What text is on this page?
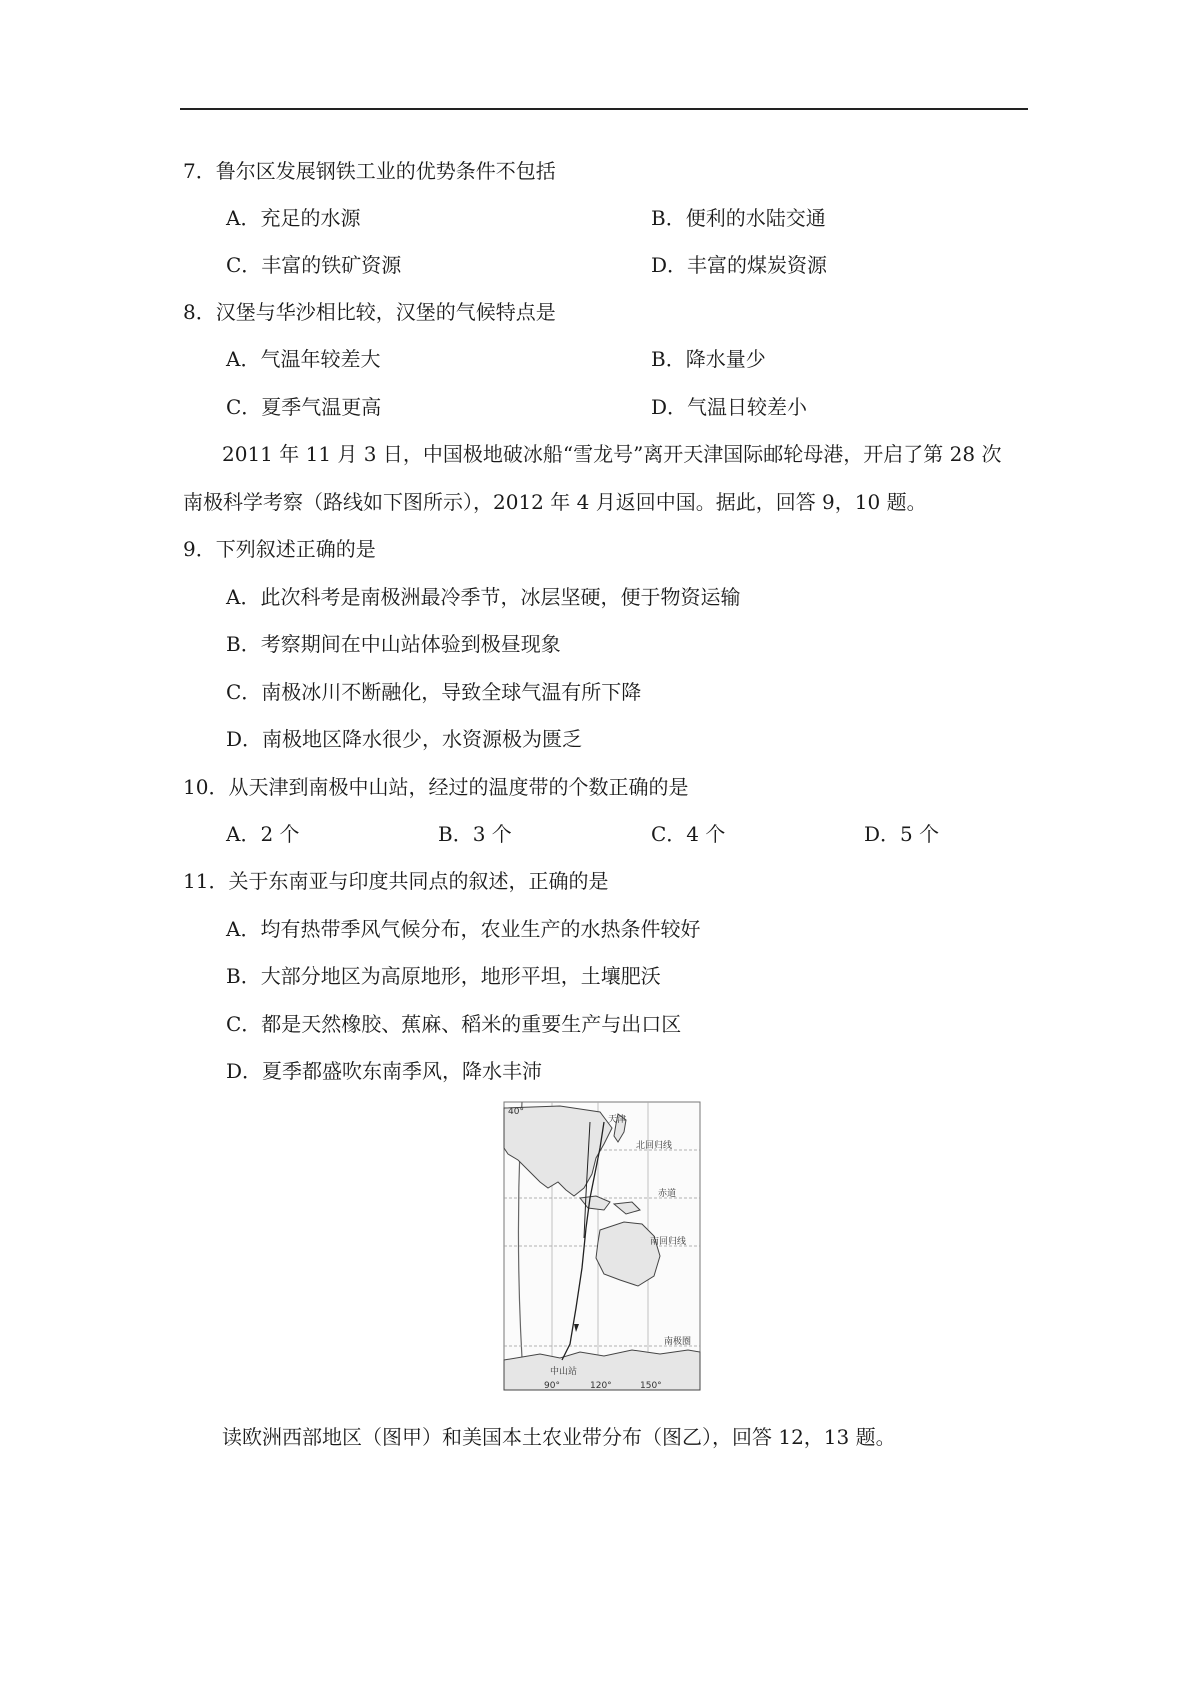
7．鲁尔区发展钢铁工业的优势条件不包括
A．充足的水源	B．便利的水陆交通
C．丰富的铁矿资源	D．丰富的煤炭资源
8．汉堡与华沙相比较，汉堡的气候特点是
A．气温年较差大	B．降水量少
C．夏季气温更高	D．气温日较差小
2011 年 11 月 3 日，中国极地破冰船“雪龙号”离开天津国际邮轮母港，开启了第 28 次
南极科学考察（路线如下图所示），2012 年 4 月返回中国。据此，回答 9，10 题。
9．下列叙述正确的是
A．此次科考是南极洲最冷季节，冰层坚硬，便于物资运输
B．考察期间在中山站体验到极昼现象
C．南极冰川不断融化，导致全球气温有所下降
D．南极地区降水很少，水资源极为匮乏
10．从天津到南极中山站，经过的温度带的个数正确的是
A．2 个	B．3 个	C．4 个	D．5 个
11．关于东南亚与印度共同点的叙述，正确的是
A．均有热带季风气候分布，农业生产的水热条件较好
B．大部分地区为高原地形，地形平坦，土壤肥沃
C．都是天然橡胶、蕉麻、稻米的重要生产与出口区
D．夏季都盛吹东南季风，降水丰沛
40°
天津
北回归线
赤道
南回归线
南极圈
中山站
90°	120°	150°
读欧洲西部地区（图甲）和美国本土农业带分布（图乙），回答 12，13 题。
